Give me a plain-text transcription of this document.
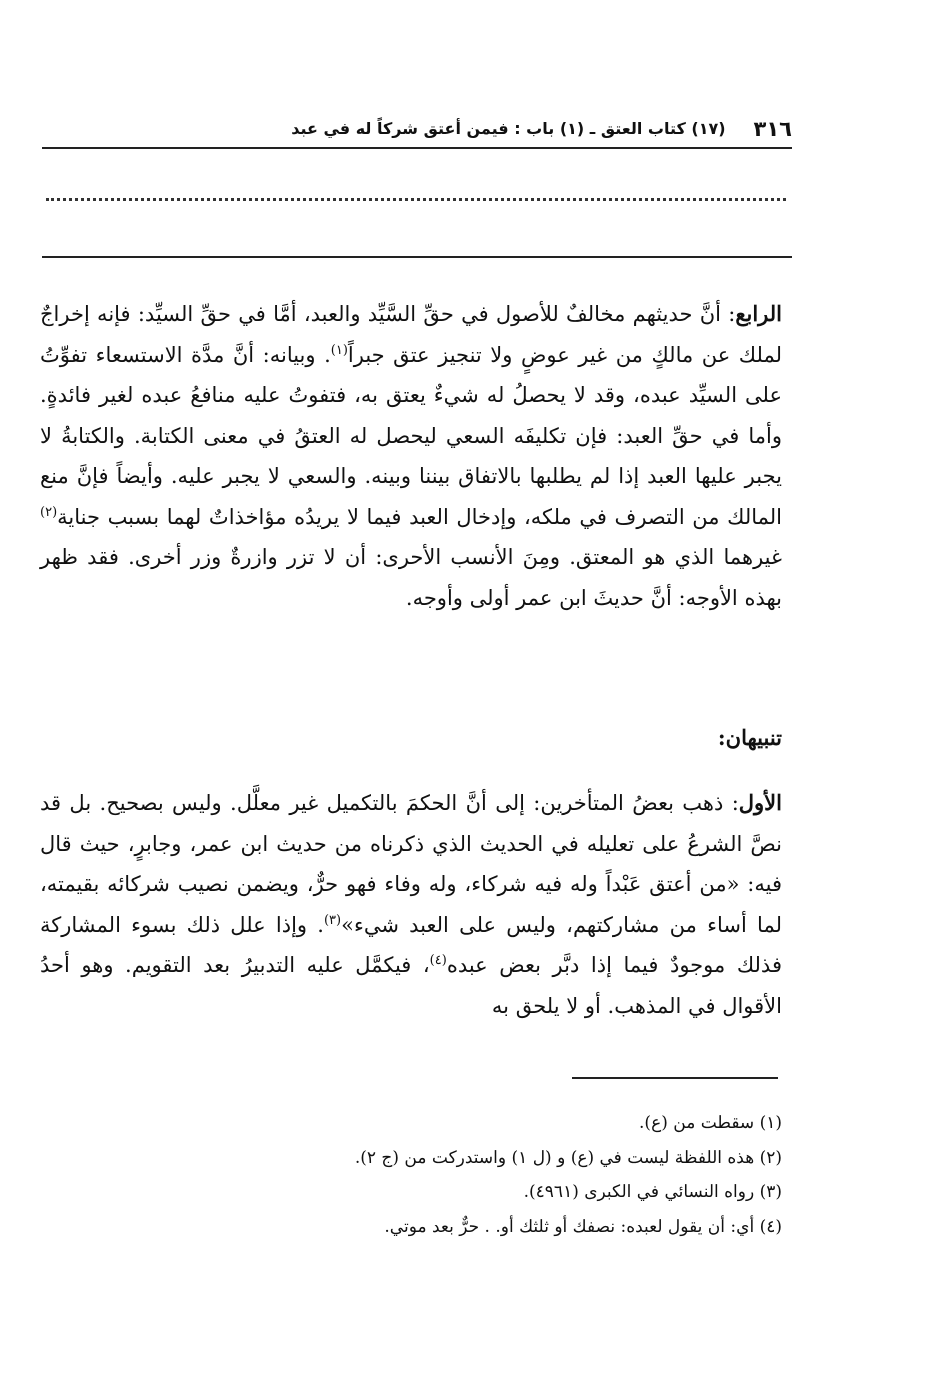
٣١٦
(١٧) كتاب العتق ـ (١) باب : فيمن أعتق شركاً له في عبد

الرابع: أنَّ حديثهم مخالفٌ للأصول في حقِّ السَّيِّد والعبد، أمَّا في حقِّ السيِّد: فإنه إخراجٌ لملك عن مالكٍ من غير عوضٍ ولا تنجيز عتق جبراً$^{(١)}$. وبيانه: أنَّ مدَّة الاستسعاء تفوِّتُ على السيِّد عبده، وقد لا يحصلُ له شيءٌ يعتق به، فتفوتُ عليه منافعُ عبده لغير فائدةٍ. وأما في حقِّ العبد: فإن تكليفَه السعي ليحصل له العتقُ في معنى الكتابة. والكتابةُ لا يجبر عليها العبد إذا لم يطلبها بالاتفاق بيننا وبينه. والسعي لا يجبر عليه. وأيضاً فإنَّ منع المالك من التصرف في ملكه، وإدخال العبد فيما لا يريدُه مؤاخذاتٌ لهما بسبب جناية$^{(٢)}$ غيرهما الذي هو المعتق. ومِنَ الأنسب الأحرى: أن لا تزر وازرةٌ وزر أخرى. فقد ظهر بهذه الأوجه: أنَّ حديثَ ابن عمر أولى وأوجه.

تنبيهان:

الأول: ذهب بعضُ المتأخرين: إلى أنَّ الحكمَ بالتكميل غير معلَّل. وليس بصحيح. بل قد نصَّ الشرعُ على تعليله في الحديث الذي ذكرناه من حديث ابن عمر، وجابرٍ، حيث قال فيه: «من أعتق عَبْداً وله فيه شركاء، وله وفاء فهو حرٌّ، ويضمن نصيب شركائه بقيمته، لما أساء من مشاركتهم، وليس على العبد شيء»$^{(٣)}$. وإذا علل ذلك بسوء المشاركة فذلك موجودٌ فيما إذا دبَّر بعض عبده$^{(٤)}$، فيكمَّل عليه التدبيرُ بعد التقويم. وهو أحدُ الأقوال في المذهب. أو لا يلحق به

(١) سقطت من (ع).
(٢) هذه اللفظة ليست في (ع) و (ل ١) واستدركت من (ج ٢).
(٣) رواه النسائي في الكبرى (٤٩٦١).
(٤) أي: أن يقول لعبده: نصفك أو ثلثك أو. . حرٌّ بعد موتي.
